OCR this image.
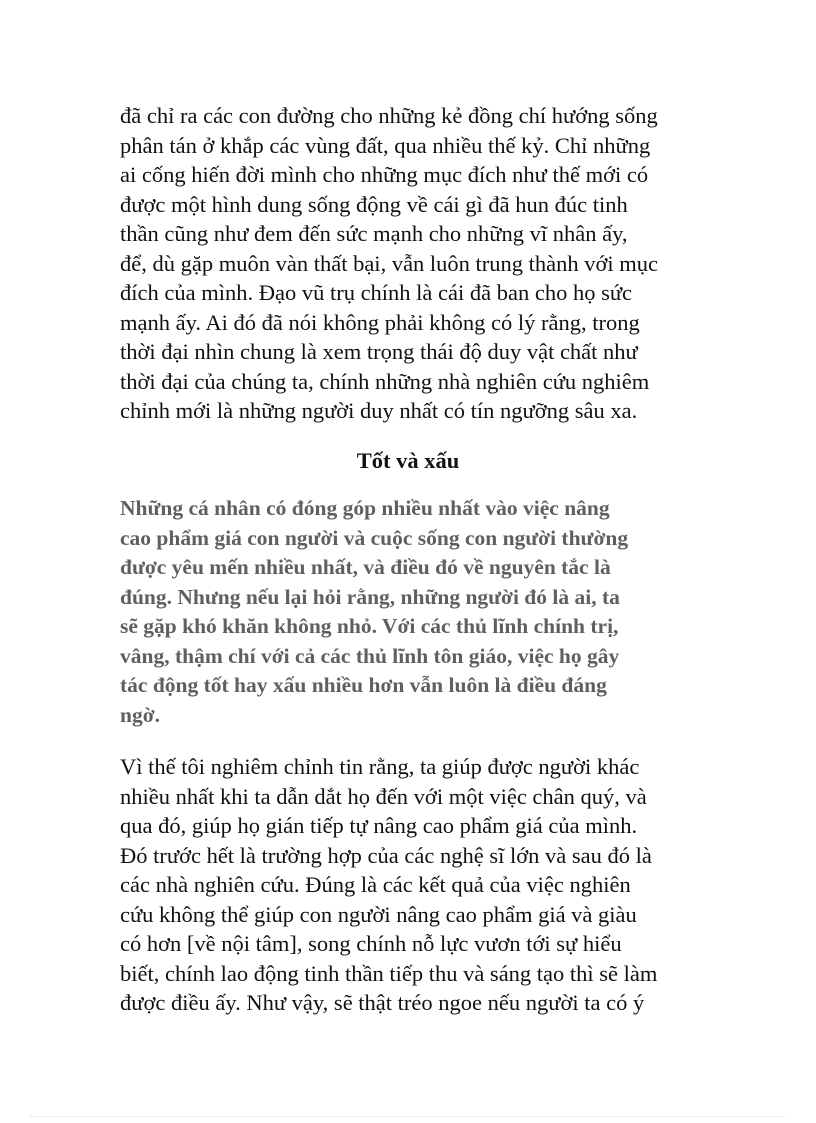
đã chỉ ra các con đường cho những kẻ đồng chí hướng sống
phân tán ở khắp các vùng đất, qua nhiều thế kỷ. Chỉ những
ai cống hiến đời mình cho những mục đích như thế mới có
được một hình dung sống động về cái gì đã hun đúc tinh
thần cũng như đem đến sức mạnh cho những vĩ nhân ấy,
để, dù gặp muôn vàn thất bại, vẫn luôn trung thành với mục
đích của mình. Đạo vũ trụ chính là cái đã ban cho họ sức
mạnh ấy. Ai đó đã nói không phải không có lý rằng, trong
thời đại nhìn chung là xem trọng thái độ duy vật chất như
thời đại của chúng ta, chính những nhà nghiên cứu nghiêm
chỉnh mới là những người duy nhất có tín ngưỡng sâu xa.
Tốt và xấu
Những cá nhân có đóng góp nhiều nhất vào việc nâng
cao phẩm giá con người và cuộc sống con người thường
được yêu mến nhiều nhất, và điều đó về nguyên tắc là
đúng. Nhưng nếu lại hỏi rằng, những người đó là ai, ta
sẽ gặp khó khăn không nhỏ. Với các thủ lĩnh chính trị,
vâng, thậm chí với cả các thủ lĩnh tôn giáo, việc họ gây
tác động tốt hay xấu nhiều hơn vẫn luôn là điều đáng
ngờ.
Vì thế tôi nghiêm chỉnh tin rằng, ta giúp được người khác
nhiều nhất khi ta dẫn dắt họ đến với một việc chân quý, và
qua đó, giúp họ gián tiếp tự nâng cao phẩm giá của mình.
Đó trước hết là trường hợp của các nghệ sĩ lớn và sau đó là
các nhà nghiên cứu. Đúng là các kết quả của việc nghiên
cứu không thể giúp con người nâng cao phẩm giá và giàu
có hơn [về nội tâm], song chính nỗ lực vươn tới sự hiểu
biết, chính lao động tinh thần tiếp thu và sáng tạo thì sẽ làm
được điều ấy. Như vậy, sẽ thật tréo ngoe nếu người ta có ý
